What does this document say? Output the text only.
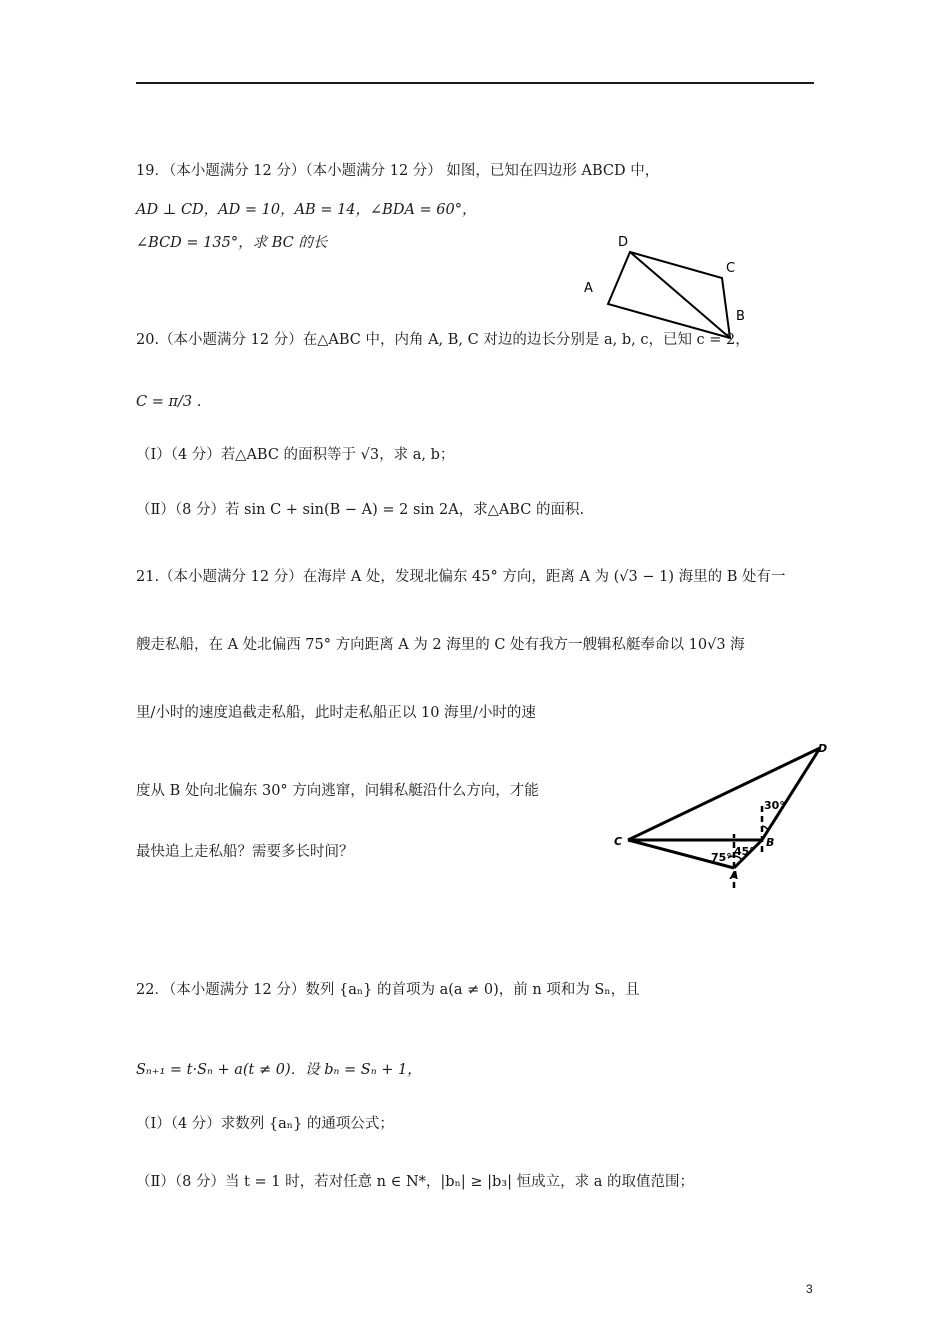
19．（本小题满分 12 分）（本小题满分 12 分） 如图，已知在四边形 ABCD 中，
AD ⊥ CD，AD = 10，AB = 14，∠BDA = 60°，
∠BCD = 135°，求 BC 的长	D
C
A
B
20.（本小题满分 12 分）在△ABC 中，内角 A, B, C 对边的边长分别是 a, b, c，已知 c = 2，
C = π/3 .
（Ⅰ）（4 分）若△ABC 的面积等于 √3，求 a, b；
（Ⅱ）（8 分）若 sin C + sin(B − A) = 2 sin 2A，求△ABC 的面积.
21.（本小题满分 12 分）在海岸 A 处，发现北偏东 45° 方向，距离 A 为 (√3 − 1) 海里的 B 处有一
艘走私船，在 A 处北偏西 75° 方向距离 A 为 2 海里的 C 处有我方一艘辑私艇奉命以 10√3 海
里/小时的速度追截走私船，此时走私船正以 10 海里/小时的速
度从 B 处向北偏东 30° 方向逃窜，问辑私艇沿什么方向，才能
最快追上走私船？需要多长时间？
C
D
B
A
30°
75° 45°
22．（本小题满分 12 分）数列 {aₙ} 的首项为 a(a ≠ 0)，前 n 项和为 Sₙ，且
Sₙ₊₁ = t·Sₙ + a(t ≠ 0)．设 bₙ = Sₙ + 1，
（Ⅰ）（4 分）求数列 {aₙ} 的通项公式；
（Ⅱ）（8 分）当 t = 1 时，若对任意 n ∈ N*，|bₙ| ≥ |b₃| 恒成立，求 a 的取值范围；
3
